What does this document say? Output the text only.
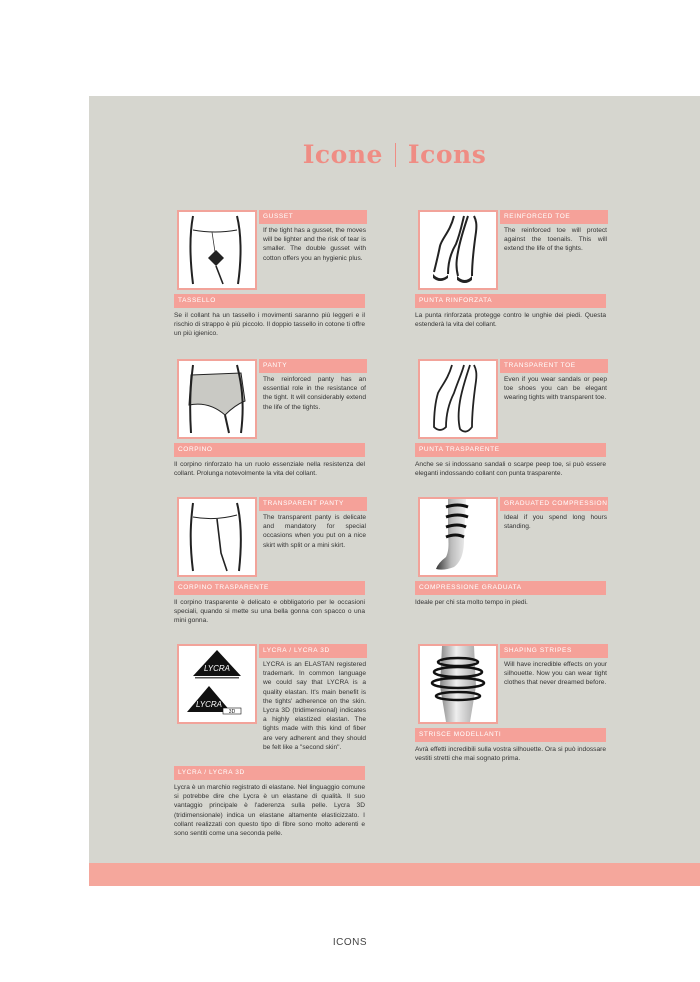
Icone Icons
GUSSET
If the tight has a gusset, the moves will be lighter and the risk of tear is smaller. The double gusset with cotton offers you an hygienic plus.
TASSELLO
Se il collant ha un tassello i movimenti saranno più leggeri e il rischio di strappo è più piccolo. Il doppio tassello in cotone ti offre un più igienico.
REINFORCED TOE
The reinforced toe will protect against the toenails. This will extend the life of the tights.
PUNTA RINFORZATA
La punta rinforzata protegge contro le unghie dei piedi. Questa estenderà la vita del collant.
PANTY
The reinforced panty has an essential role in the resistance of the tight. It will considerably extend the life of the tights.
CORPINO
Il corpino rinforzato ha un ruolo essenziale nella resistenza del collant. Prolunga notevolmente la vita del collant.
TRANSPARENT TOE
Even if you wear sandals or peep toe shoes you can be elegant wearing tights with transparent toe.
PUNTA TRASPARENTE
Anche se si indossano sandali o scarpe peep toe, si può essere eleganti indossando collant con punta trasparente.
TRANSPARENT PANTY
The transparent panty is delicate and mandatory for special occasions when you put on a nice skirt with split or a mini skirt.
CORPINO TRASPARENTE
Il corpino trasparente è delicato e obbligatorio per le occasioni speciali, quando si mette su una bella gonna con spacco o una mini gonna.
GRADUATED COMPRESSION
Ideal if you spend long hours standing.
COMPRESSIONE GRADUATA
Ideale per chi sta molto tempo in piedi.
LYCRA
LYCRA
3D
LYCRA / LYCRA 3D
LYCRA is an ELASTAN registered trademark. In common language we could say that LYCRA is a quality elastan. It's main benefit is the tights' adherence on the skin. Lycra 3D (tridimensional) indicates a highly elastized elastan. The tights made with this kind of fiber are very adherent and they should be felt like a "second skin".
LYCRA / LYCRA 3D
Lycra è un marchio registrato di elastane. Nel linguaggio comune si potrebbe dire che Lycra è un elastane di qualità. Il suo vantaggio principale è l'aderenza sulla pelle. Lycra 3D (tridimensionale) indica un elastane altamente elasticizzato. I collant realizzati con questo tipo di fibre sono molto aderenti e sono sentiti come una seconda pelle.
SHAPING STRIPES
Will have incredible effects on your silhouette. Now you can wear tight clothes that never dreamed before.
STRISCE MODELLANTI
Avrà effetti incredibili sulla vostra silhouette. Ora si può indossare vestiti stretti che mai sognato prima.
ICONS
